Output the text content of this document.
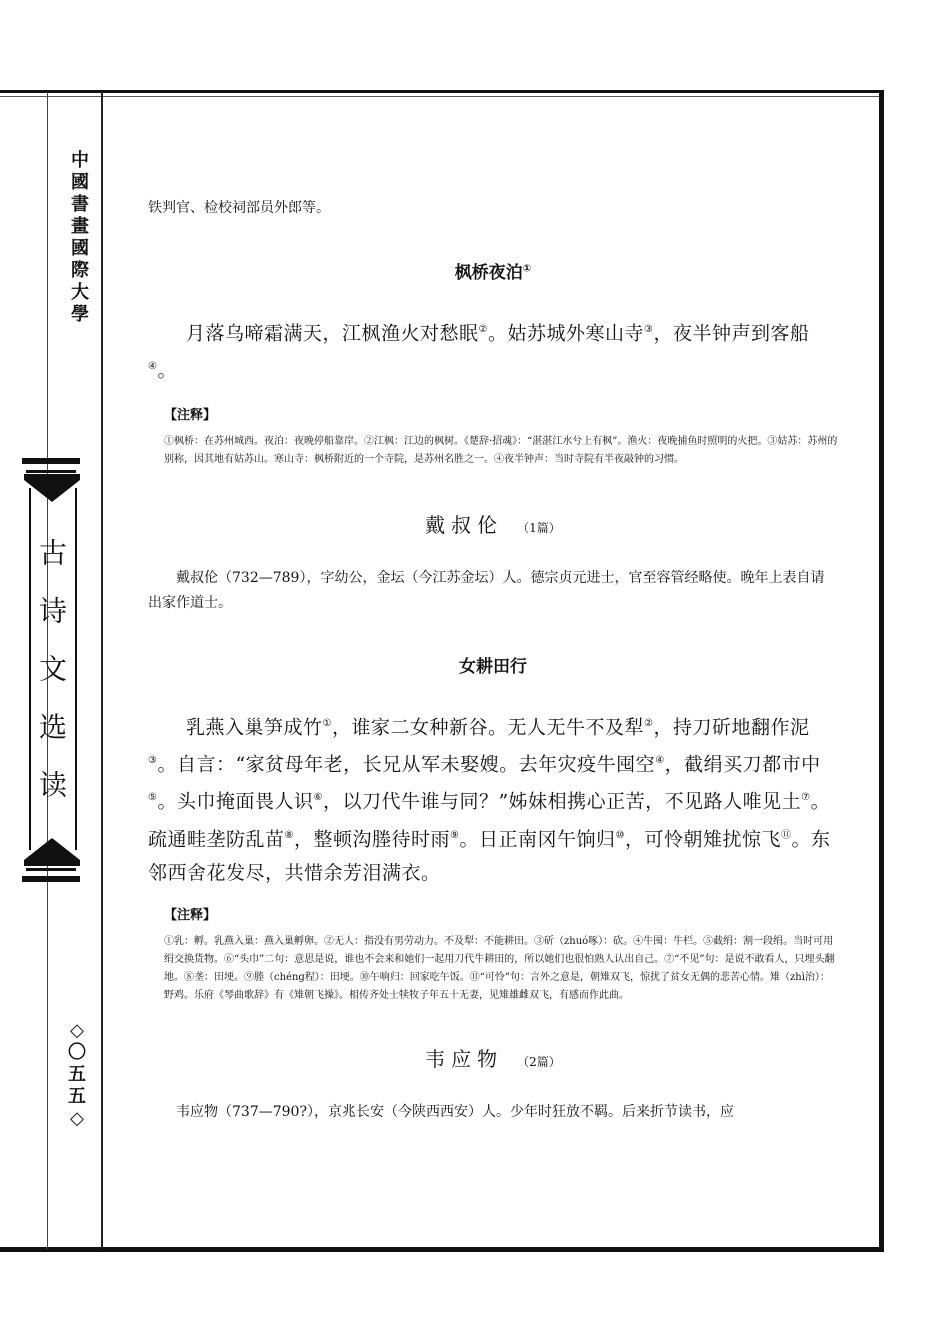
中國書畫國際大學
古诗文选读
◇
〇
五
五
◇

铁判官、检校祠部员外郎等。

枫桥夜泊①

月落乌啼霜满天，江枫渔火对愁眠②。姑苏城外寒山寺③，夜半钟声到客船④。

【注释】

①枫桥：在苏州城西。夜泊：夜晚停船靠岸。②江枫：江边的枫树。《楚辞·招魂》：“湛湛江水兮上有枫”。渔火：夜晚捕鱼时照明的火把。③姑苏：苏州的别称，因其地有姑苏山。寒山寺：枫桥附近的一个寺院，是苏州名胜之一。④夜半钟声：当时寺院有半夜敲钟的习惯。

戴叔伦 （1篇）

戴叔伦（732—789），字幼公，金坛（今江苏金坛）人。德宗贞元进士，官至容管经略使。晚年上表自请出家作道士。

女耕田行

乳燕入巢笋成竹①，谁家二女种新谷。无人无牛不及犁②，持刀斫地翻作泥③。自言：“家贫母年老，长兄从军未娶嫂。去年灾疫牛囤空④，截绢买刀都市中⑤。头巾掩面畏人识⑥，以刀代牛谁与同？”姊妹相携心正苦，不见路人唯见土⑦。疏通畦垄防乱苗⑧，整顿沟塍待时雨⑨。日正南冈午饷归⑩，可怜朝雉扰惊飞⑪。东邻西舍花发尽，共惜余芳泪满衣。

【注释】

①乳：孵。乳燕入巢：燕入巢孵卵。②无人：指没有男劳动力。不及犁：不能耕田。③斫（zhuó啄）：砍。④牛囤：牛栏。⑤截绢：割一段绢。当时可用绢交换货物。⑥“头巾”二句：意思是说，谁也不会来和她们一起用刀代牛耕田的，所以她们也很怕熟人认出自己。⑦“不见”句：是说不敢看人，只埋头翻地。⑧垄：田埂。⑨塍（chéng程）：田埂。⑩午响归：回家吃午饭。⑪“可怜”句：言外之意是，朝雉双飞，惊扰了贫女无偶的悲苦心情。雉（zhì治）：野鸡。乐府《琴曲歌辞》有《雉朝飞操》。相传齐处士犊牧子年五十无妻，见雉雄雌双飞，有感而作此曲。

韦应物 （2篇）

韦应物（737—790?），京兆长安（今陕西西安）人。少年时狂放不羁。后来折节读书，应
